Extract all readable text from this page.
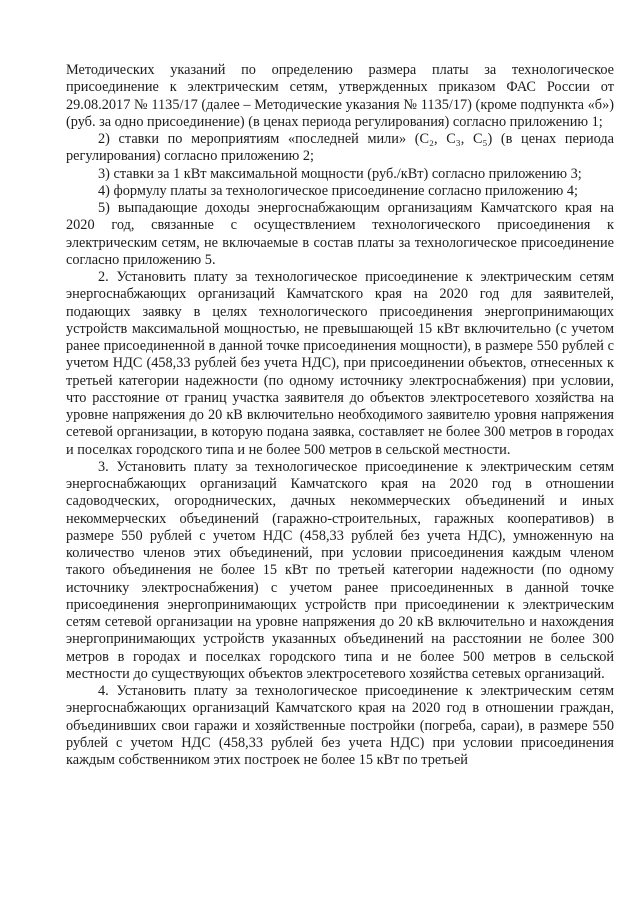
Методических указаний по определению размера платы за технологическое присоединение к электрическим сетям, утвержденных приказом ФАС России от 29.08.2017 № 1135/17 (далее – Методические указания № 1135/17) (кроме подпункта «б») (руб. за одно присоединение) (в ценах периода регулирования) согласно приложению 1;

2) ставки по мероприятиям «последней мили» (C₂, C₃, C₅) (в ценах периода регулирования) согласно приложению 2;

3) ставки за 1 кВт максимальной мощности (руб./кВт) согласно приложению 3;

4) формулу платы за технологическое присоединение согласно приложению 4;

5) выпадающие доходы энергоснабжающим организациям Камчатского края на 2020 год, связанные с осуществлением технологического присоединения к электрическим сетям, не включаемые в состав платы за технологическое присоединение согласно приложению 5.

2. Установить плату за технологическое присоединение к электрическим сетям энергоснабжающих организаций Камчатского края на 2020 год для заявителей, подающих заявку в целях технологического присоединения энергопринимающих устройств максимальной мощностью, не превышающей 15 кВт включительно (с учетом ранее присоединенной в данной точке присоединения мощности), в размере 550 рублей с учетом НДС (458,33 рублей без учета НДС), при присоединении объектов, отнесенных к третьей категории надежности (по одному источнику электроснабжения) при условии, что расстояние от границ участка заявителя до объектов электросетевого хозяйства на уровне напряжения до 20 кВ включительно необходимого заявителю уровня напряжения сетевой организации, в которую подана заявка, составляет не более 300 метров в городах и поселках городского типа и не более 500 метров в сельской местности.

3. Установить плату за технологическое присоединение к электрическим сетям энергоснабжающих организаций Камчатского края на 2020 год в отношении садоводческих, огороднических, дачных некоммерческих объединений и иных некоммерческих объединений (гаражно-строительных, гаражных кооперативов) в размере 550 рублей с учетом НДС (458,33 рублей без учета НДС), умноженную на количество членов этих объединений, при условии присоединения каждым членом такого объединения не более 15 кВт по третьей категории надежности (по одному источнику электроснабжения) с учетом ранее присоединенных в данной точке присоединения энергопринимающих устройств при присоединении к электрическим сетям сетевой организации на уровне напряжения до 20 кВ включительно и нахождения энергопринимающих устройств указанных объединений на расстоянии не более 300 метров в городах и поселках городского типа и не более 500 метров в сельской местности до существующих объектов электросетевого хозяйства сетевых организаций.

4. Установить плату за технологическое присоединение к электрическим сетям энергоснабжающих организаций Камчатского края на 2020 год в отношении граждан, объединивших свои гаражи и хозяйственные постройки (погреба, сараи), в размере 550 рублей с учетом НДС (458,33 рублей без учета НДС) при условии присоединения каждым собственником этих построек не более 15 кВт по третьей
